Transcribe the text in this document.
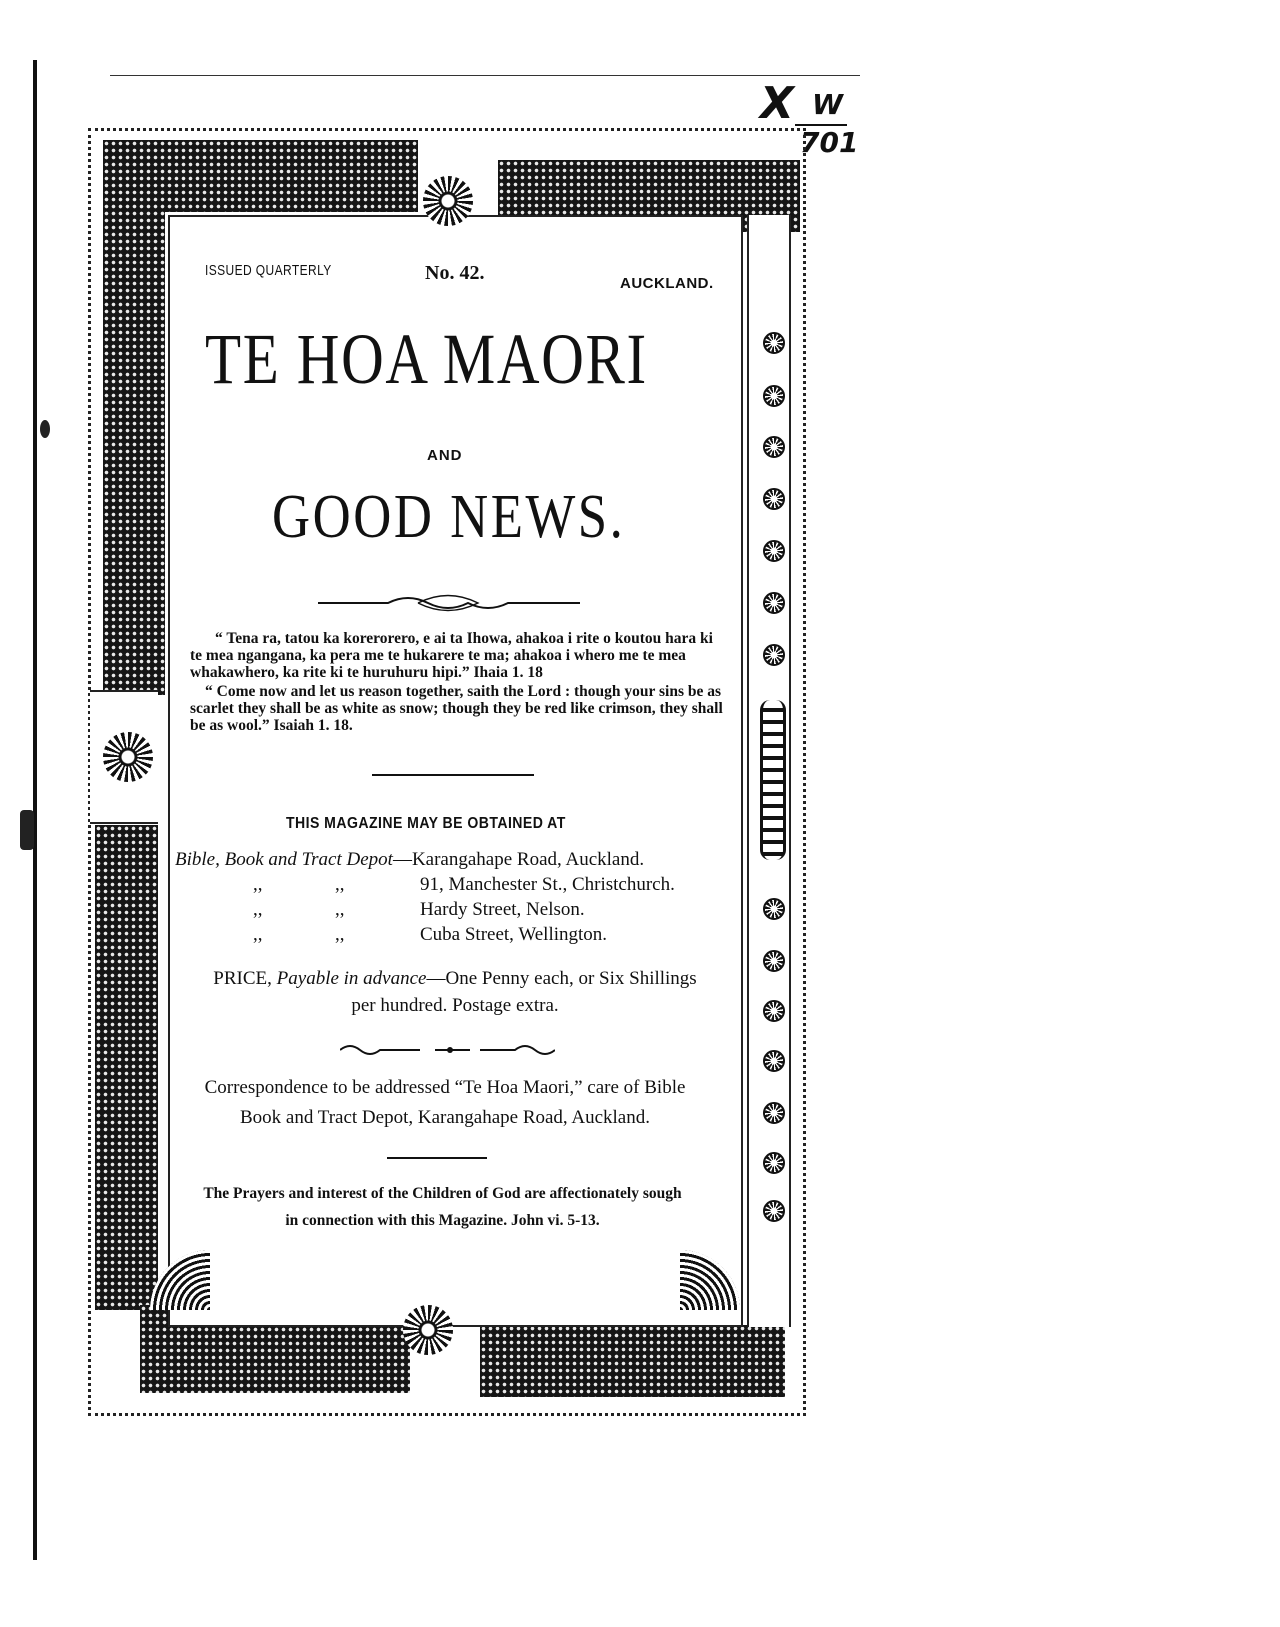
X W
701
ISSUED QUARTERLY	No. 42.	AUCKLAND.
TE HOA MAORI
AND
GOOD NEWS.

“ Tena ra, tatou ka korerorero, e ai ta Ihowa, ahakoa i rite o koutou hara ki te mea ngangana, ka pera me te hukarere te ma; ahakoa i whero me te mea whakawhero, ka rite ki te huruhuru hipi.” Ihaia 1. 18

“ Come now and let us reason together, saith the Lord : though your sins be as scarlet they shall be as white as snow; though they be red like crimson, they shall be as wool.” Isaiah 1. 18.

THIS MAGAZINE MAY BE OBTAINED AT
Bible, Book and Tract Depot—Karangahape Road, Auckland.
,,	,,	91, Manchester St., Christchurch.
,,	,,	Hardy Street, Nelson.
,,	,,	Cuba Street, Wellington.
PRICE, Payable in advance—One Penny each, or Six Shillings
per hundred. Postage extra.
Correspondence to be addressed “Te Hoa Maori,” care of Bible
Book and Tract Depot, Karangahape Road, Auckland.
The Prayers and interest of the Children of God are affectionately sough
in connection with this Magazine. John vi. 5-13.
